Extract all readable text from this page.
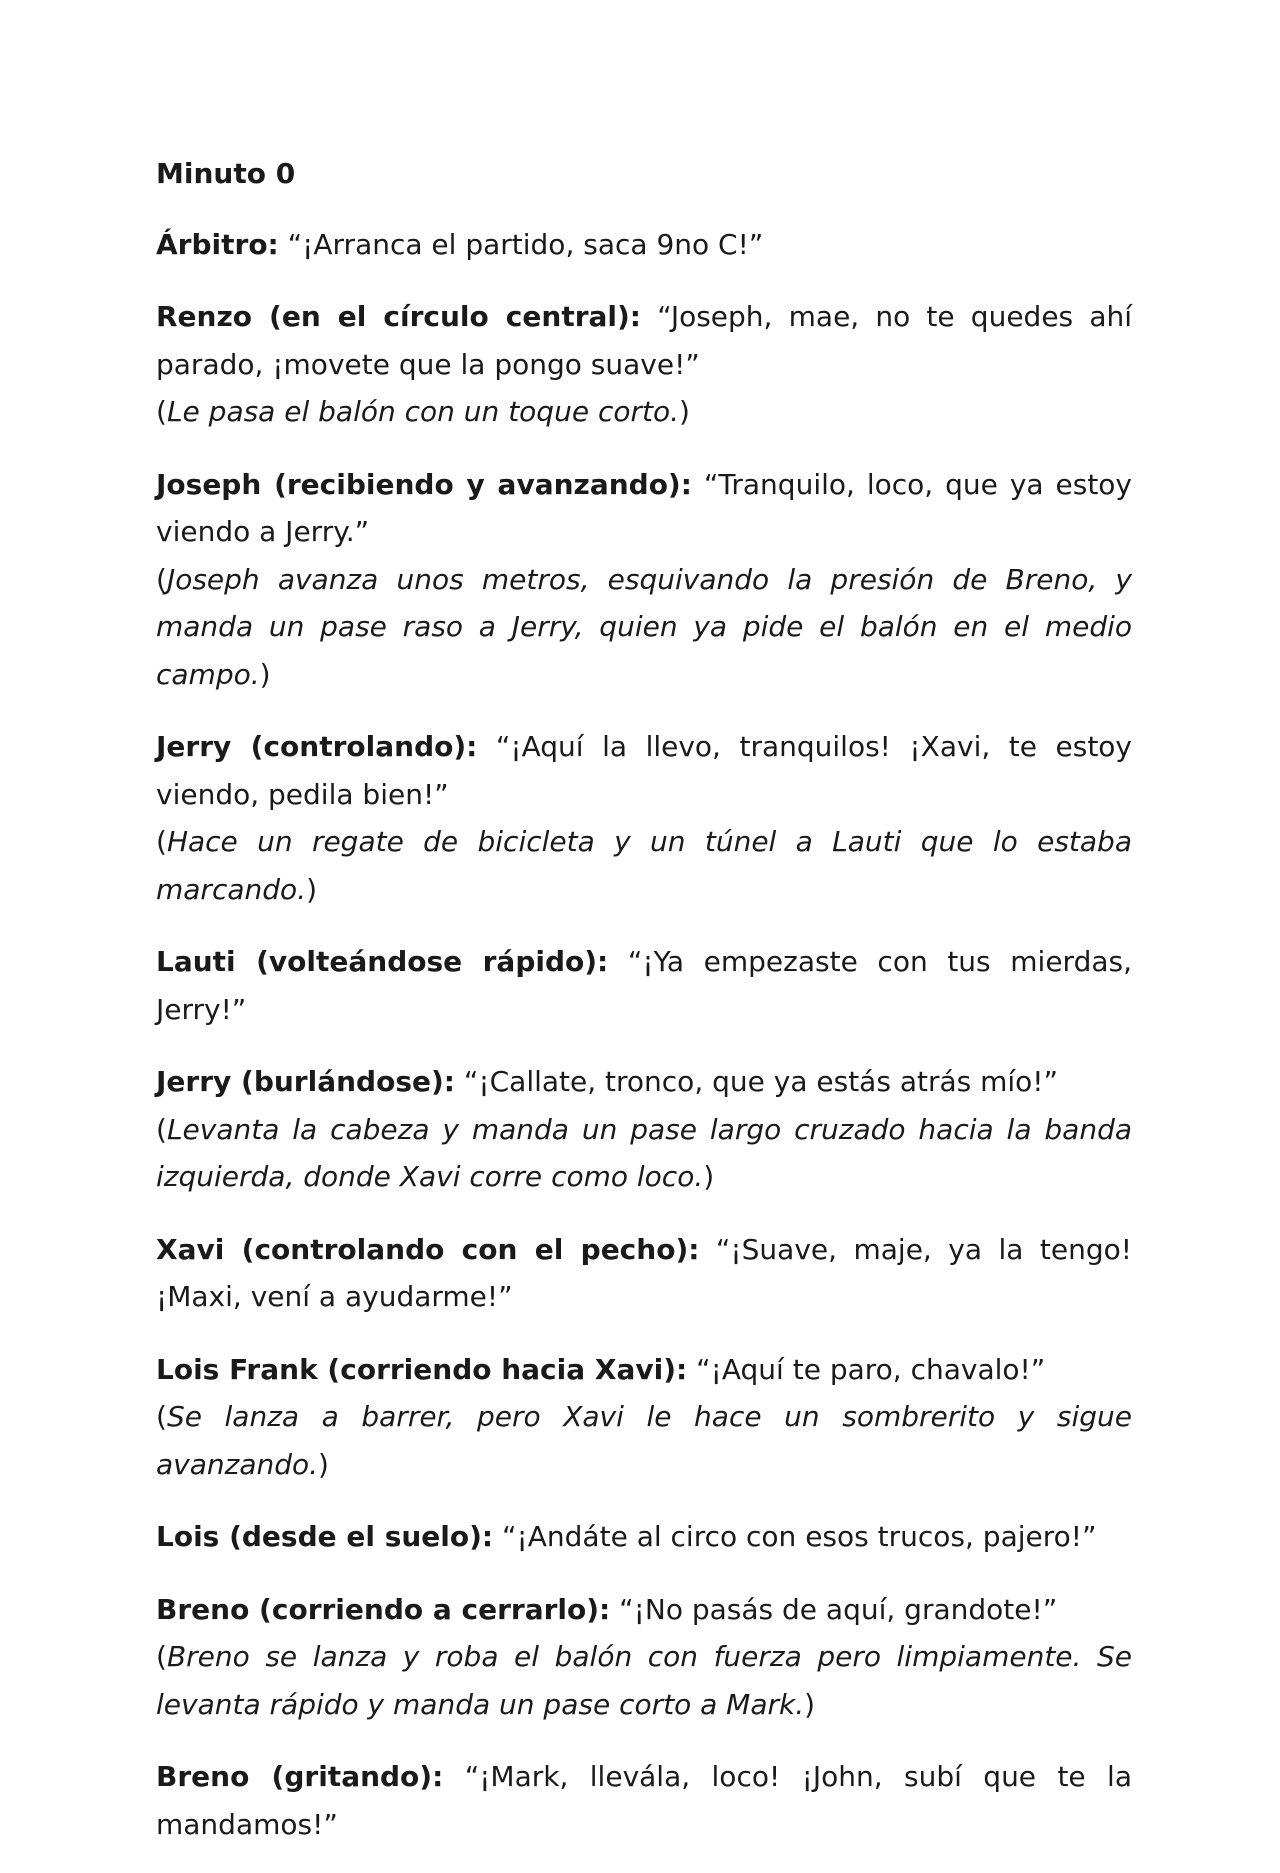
Minuto 0

Árbitro: “¡Arranca el partido, saca 9no C!”

Renzo (en el círculo central): “Joseph, mae, no te quedes ahí parado, ¡movete que la pongo suave!”

(Le pasa el balón con un toque corto.)

Joseph (recibiendo y avanzando): “Tranquilo, loco, que ya estoy viendo a Jerry.”

(Joseph avanza unos metros, esquivando la presión de Breno, y manda un pase raso a Jerry, quien ya pide el balón en el medio campo.)

Jerry (controlando): “¡Aquí la llevo, tranquilos! ¡Xavi, te estoy viendo, pedila bien!”

(Hace un regate de bicicleta y un túnel a Lauti que lo estaba marcando.)

Lauti (volteándose rápido): “¡Ya empezaste con tus mierdas, Jerry!”

Jerry (burlándose): “¡Callate, tronco, que ya estás atrás mío!”

(Levanta la cabeza y manda un pase largo cruzado hacia la banda izquierda, donde Xavi corre como loco.)

Xavi (controlando con el pecho): “¡Suave, maje, ya la tengo! ¡Maxi, vení a ayudarme!”

Lois Frank (corriendo hacia Xavi): “¡Aquí te paro, chavalo!”

(Se lanza a barrer, pero Xavi le hace un sombrerito y sigue avanzando.)

Lois (desde el suelo): “¡Andáte al circo con esos trucos, pajero!”

Breno (corriendo a cerrarlo): “¡No pasás de aquí, grandote!”

(Breno se lanza y roba el balón con fuerza pero limpiamente. Se levanta rápido y manda un pase corto a Mark.)

Breno (gritando): “¡Mark, llevála, loco! ¡John, subí que te la mandamos!”
